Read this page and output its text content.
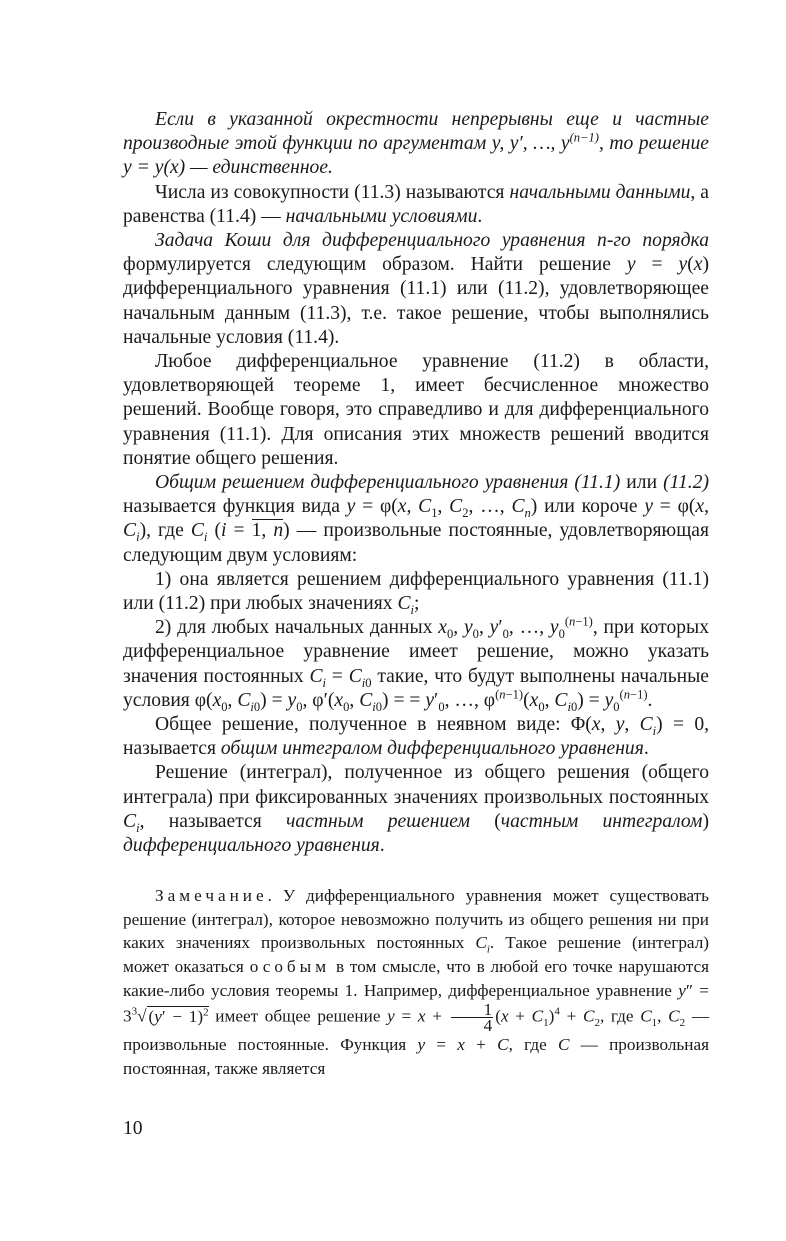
Если в указанной окрестности непрерывны еще и частные производные этой функции по аргументам y, y′, …, $y^{(n-1)}$, то решение y = y(x) — единственное.

Числа из совокупности (11.3) называются начальными данными, а равенства (11.4) — начальными условиями.

Задача Коши для дифференциального уравнения n-го порядка формулируется следующим образом. Найти решение y = y(x) дифференциального уравнения (11.1) или (11.2), удовлетворяющее начальным данным (11.3), т.е. такое решение, чтобы выполнялись начальные условия (11.4).

Любое дифференциальное уравнение (11.2) в области, удовлетворяющей теореме 1, имеет бесчисленное множество решений. Вообще говоря, это справедливо и для дифференциального уравнения (11.1). Для описания этих множеств решений вводится понятие общего решения.

Общим решением дифференциального уравнения (11.1) или (11.2) называется функция вида y = φ(x, $C_1$, $C_2$, …, $C_n$) или короче y = φ(x, $C_i$), где $C_i$ (i = 1, n) — произвольные постоянные, удовлетворяющая следующим двум условиям:

1) она является решением дифференциального уравнения (11.1) или (11.2) при любых значениях $C_i$;

2) для любых начальных данных $x_0$, $y_0$, $y'_0$, …, $y_0^{(n-1)}$, при которых дифференциальное уравнение имеет решение, можно указать значения постоянных $C_i = C_{i0}$ такие, что будут выполнены начальные условия $\varphi(x_0$, $C_{i0}) = y_0$, $\varphi'(x_0$, $C_{i0}$) = = $y'_0$, …, $\varphi^{(n-1)}(x_0$, $C_{i0}) = y_0^{(n-1)}$.

Общее решение, полученное в неявном виде: Φ(x, y, $C_i) = 0$, называется общим интегралом дифференциального уравнения.

Решение (интеграл), полученное из общего решения (общего интеграла) при фиксированных значениях произвольных постоянных $C_i$, называется частным решением (частным интегралом) дифференциального уравнения.

Замечание. У дифференциального уравнения может существовать решение (интеграл), которое невозможно получить из общего решения ни при каких значениях произвольных постоянных $C_i$. Такое решение (интеграл) может оказаться особым в том смысле, что в любой его точке нарушаются какие-либо условия теоремы 1. Например, дифференциальное уравнение $y'' = 3^3√$ $(y' - 1)^2$ имеет общее решение $y = x + \frac{1}{4} (x + C_1)^4 + C_2$, где $C_1$, $C_2$ — произвольные постоянные. Функция y = x + C, где C — произвольная постоянная, также является

10
